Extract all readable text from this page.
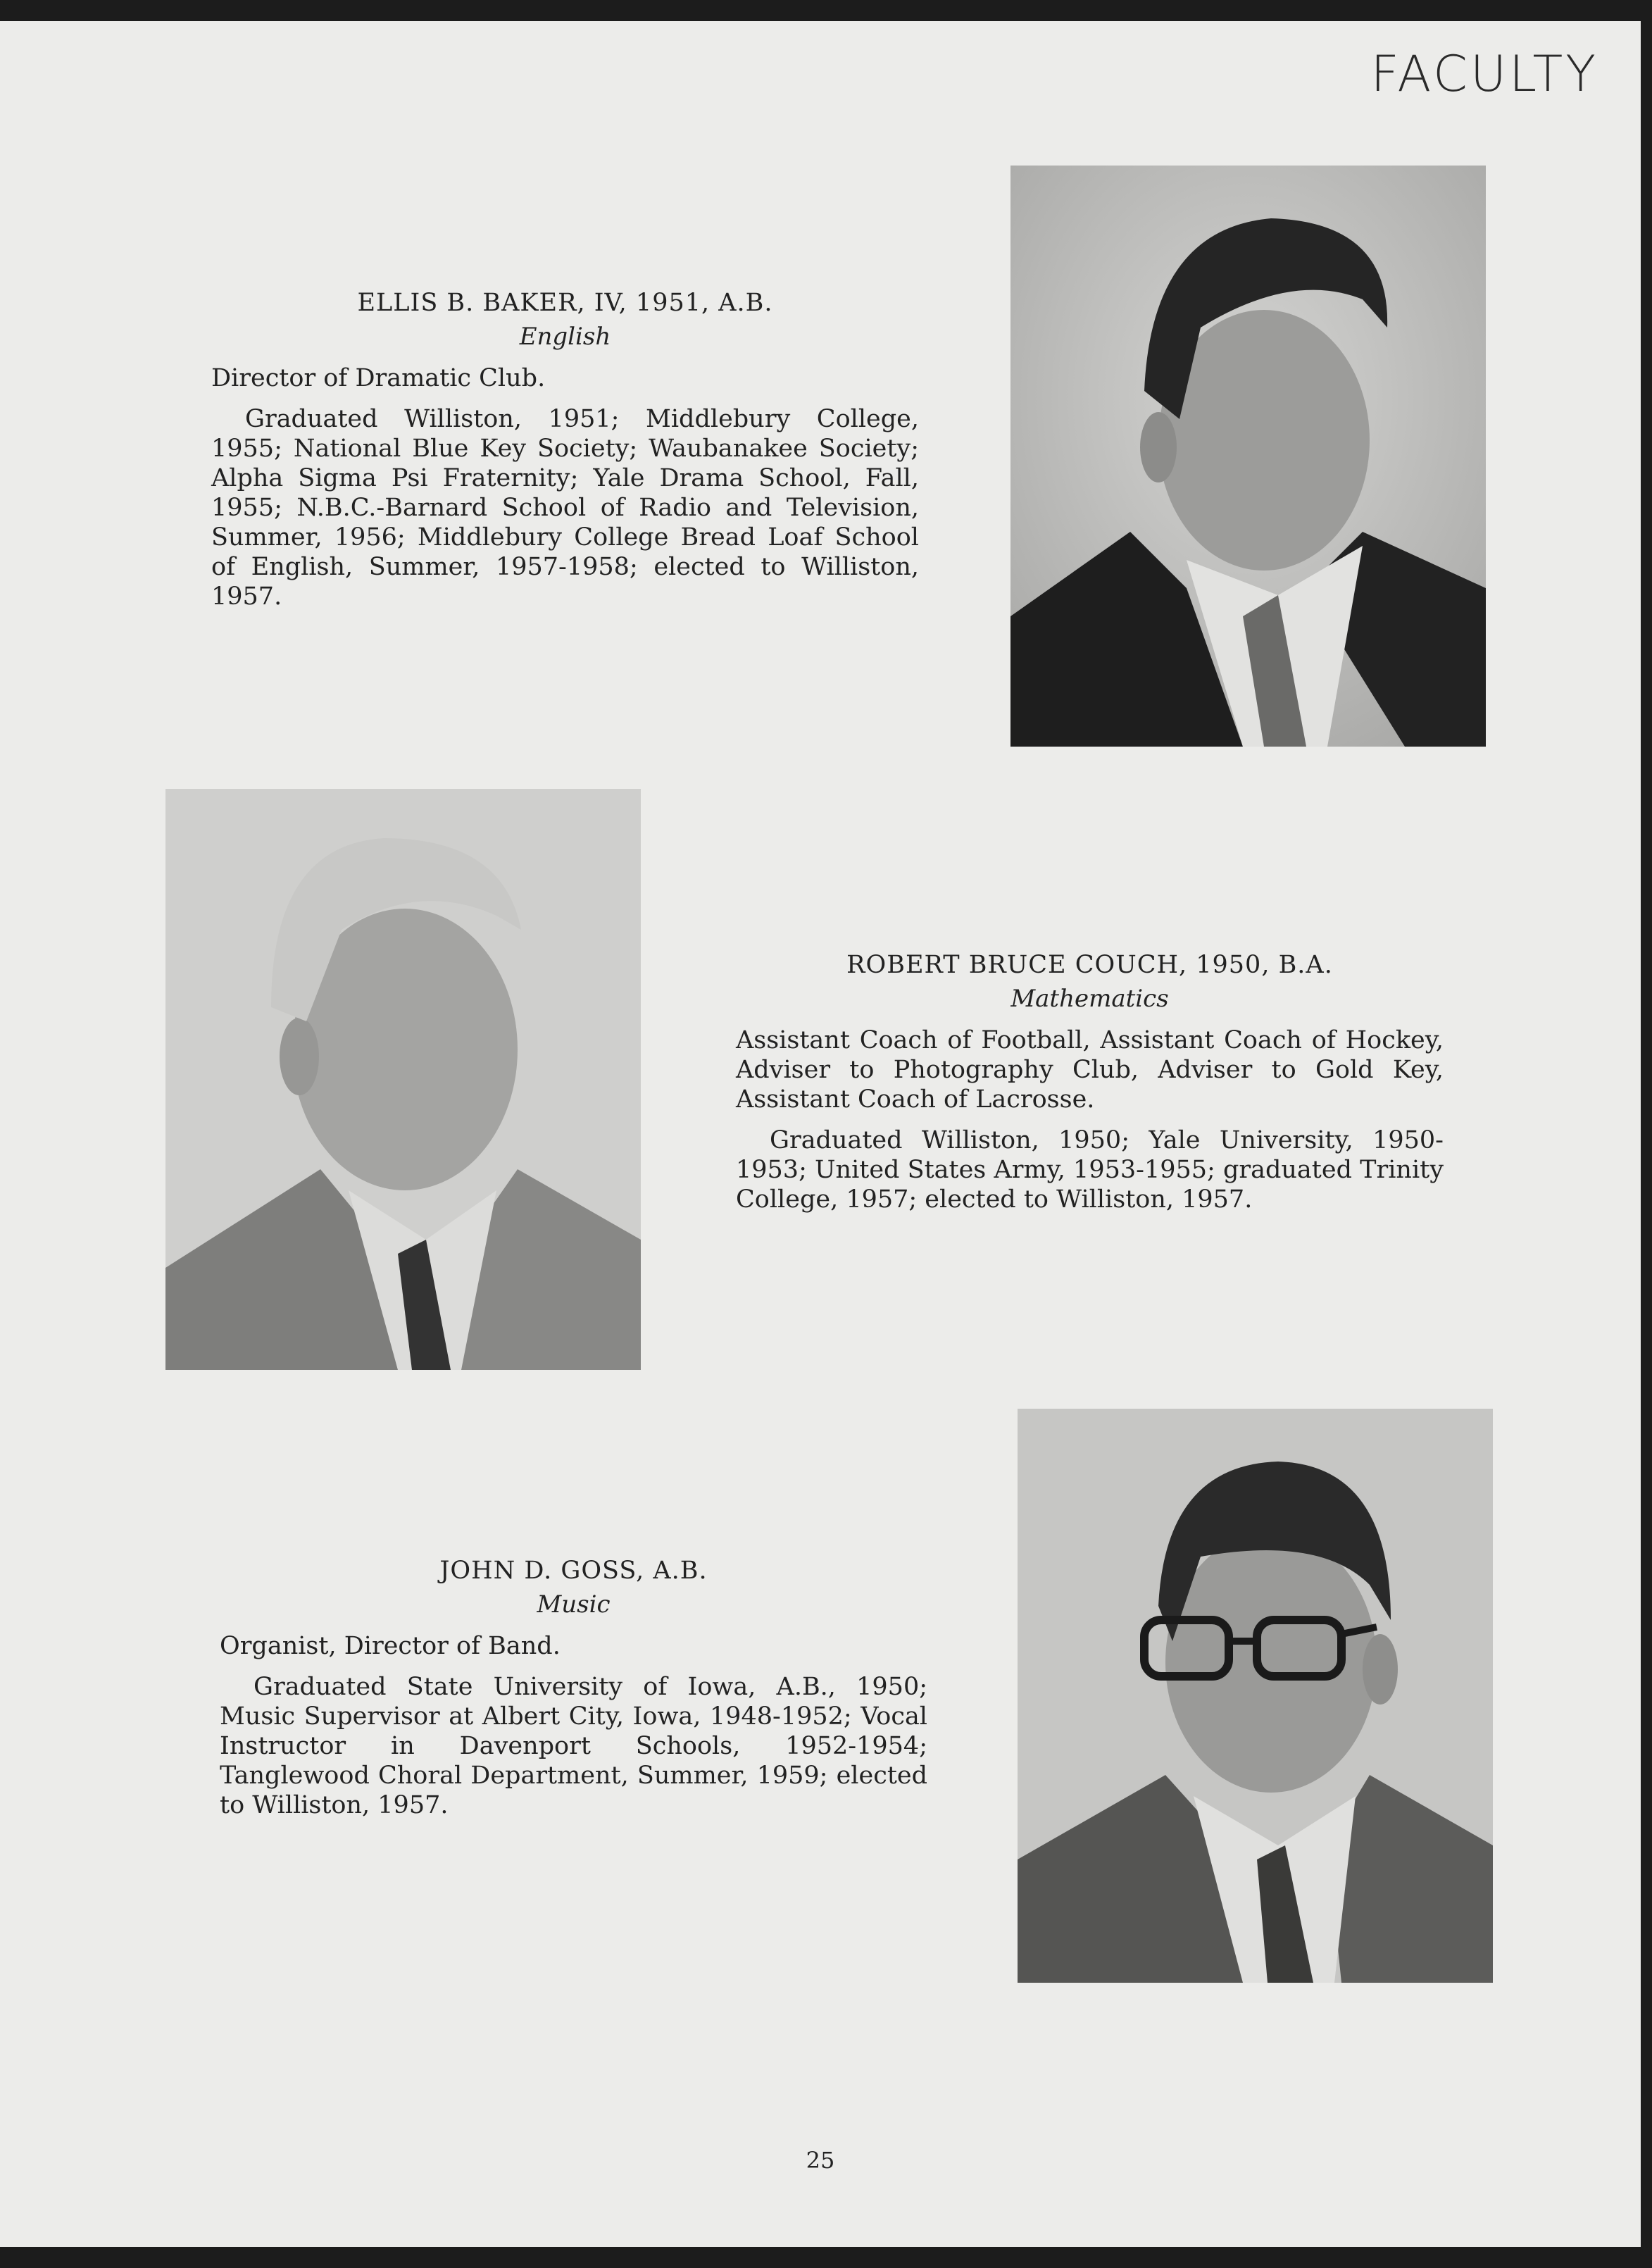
FACULTY
ELLIS B. BAKER, IV, 1951, A.B.
English

Director of Dramatic Club.

Graduated Williston, 1951; Middlebury College, 1955; National Blue Key Society; Waubanakee Society; Alpha Sigma Psi Fraternity; Yale Drama School, Fall, 1955; N.B.C.-Barnard School of Radio and Television, Summer, 1956; Middlebury College Bread Loaf School of English, Summer, 1957-1958; elected to Williston, 1957.

ROBERT BRUCE COUCH, 1950, B.A.
Mathematics

Assistant Coach of Football, Assistant Coach of Hockey, Adviser to Photography Club, Adviser to Gold Key, Assistant Coach of Lacrosse.

Graduated Williston, 1950; Yale University, 1950-1953; United States Army, 1953-1955; graduated Trinity College, 1957; elected to Williston, 1957.

JOHN D. GOSS, A.B.
Music

Organist, Director of Band.

Graduated State University of Iowa, A.B., 1950; Music Supervisor at Albert City, Iowa, 1948-1952; Vocal Instructor in Davenport Schools, 1952-1954; Tanglewood Choral Department, Summer, 1959; elected to Williston, 1957.

25
